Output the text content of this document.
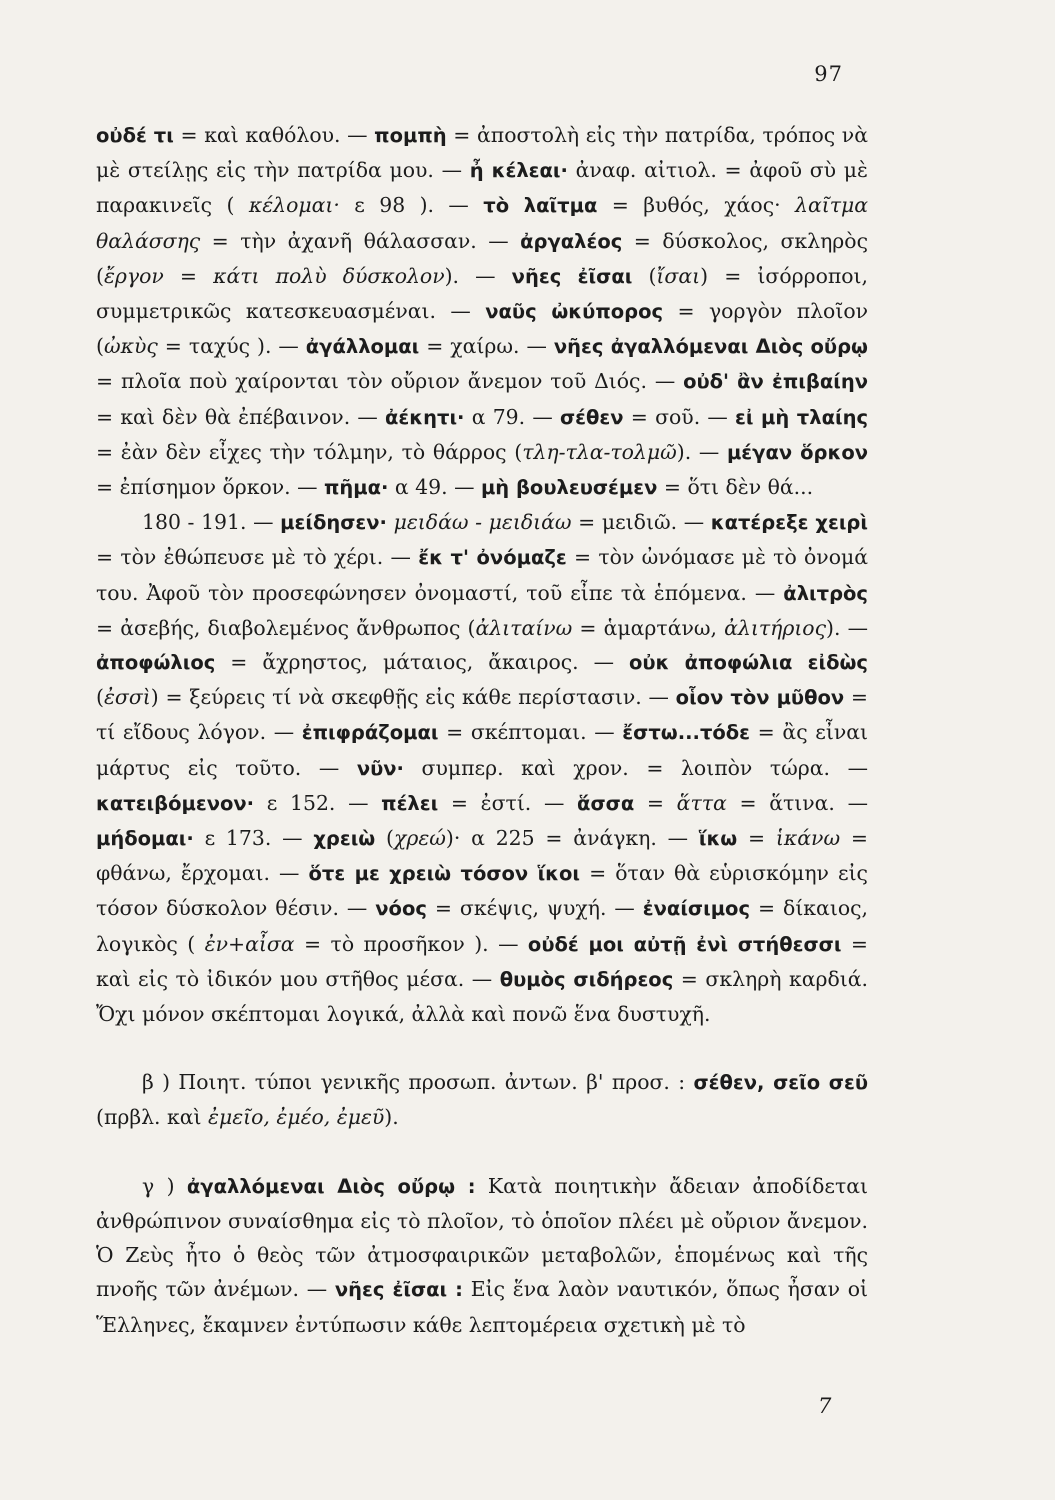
97

οὐδέ τι = καὶ καθόλου. — πομπὴ = ἀποστολὴ εἰς τὴν πατρίδα, τρόπος νὰ μὲ στείλῃς εἰς τὴν πατρίδα μου. — ἦ κέλεαι· ἀναφ. αἰτιολ. = ἀφοῦ σὺ μὲ παρακινεῖς ( κέλομαι· ε 98 ). — τὸ λαῖτμα = βυθός, χάος· λαῖτμα θαλάσσης = τὴν ἀχανῆ θάλασσαν. — ἀργαλέος = δύσκολος, σκληρὸς (ἔργον = κάτι πολὺ δύσκολον). — νῆες ἐῖσαι (ἴσαι) = ἰσόρροποι, συμμετρικῶς κατεσκευασμέναι. — ναῦς ὠκύπορος = γοργὸν πλοῖον (ὠκὺς = ταχύς ). — ἀγάλλομαι = χαίρω. — νῆες ἀγαλλόμεναι Διὸς οὔρῳ = πλοῖα ποὺ χαίρονται τὸν οὔριον ἄνεμον τοῦ Διός. — οὐδ' ἂν ἐπιβαίην = καὶ δὲν θὰ ἐπέβαινον. — ἀέκητι· α 79. — σέθεν = σοῦ. — εἰ μὴ τλαίης = ἐὰν δὲν εἶχες τὴν τόλμην, τὸ θάρρος (τλη-τλα-τολμῶ). — μέγαν ὅρκον = ἐπίσημον ὅρκον. — πῆμα· α 49. — μὴ βουλευσέμεν = ὅτι δὲν θά...

180 - 191. — μείδησεν· μειδάω - μειδιάω = μειδιῶ. — κατέρεξε χειρὶ = τὸν ἐθώπευσε μὲ τὸ χέρι. — ἔκ τ' ὀνόμαζε = τὸν ὠνόμασε μὲ τὸ ὀνομά του. Ἀφοῦ τὸν προσεφώνησεν ὀνομαστί, τοῦ εἶπε τὰ ἑπόμενα. — ἀλιτρὸς = ἀσεβής, διαβολεμένος ἄνθρωπος (ἀλιταίνω = ἁμαρτάνω, ἀλιτήριος). — ἀποφώλιος = ἄχρηστος, μάταιος, ἄκαιρος. — οὐκ ἀποφώλια εἰδὼς (ἐσσὶ) = ξεύρεις τί νὰ σκεφθῇς εἰς κάθε περίστασιν. — οἷον τὸν μῦθον = τί εἴδους λόγον. — ἐπιφράζομαι = σκέπτομαι. — ἔστω...τόδε = ἂς εἶναι μάρτυς εἰς τοῦτο. — νῦν· συμπερ. καὶ χρον. = λοιπὸν τώρα. — κατειβόμενον· ε 152. — πέλει = ἐστί. — ἅσσα = ἅττα = ἅτινα. — μήδομαι· ε 173. — χρειὼ (χρεώ)· α 225 = ἀνάγκη. — ἵκω = ἱκάνω = φθάνω, ἔρχομαι. — ὅτε με χρειὼ τόσον ἵκοι = ὅταν θὰ εὑρισκόμην εἰς τόσον δύσκολον θέσιν. — νόος = σκέψις, ψυχή. — ἐναίσιμος = δίκαιος, λογικὸς ( ἐν+αἶσα = τὸ προσῆκον ). — οὐδέ μοι αὐτῇ ἐνὶ στήθεσσι = καὶ εἰς τὸ ἰδικόν μου στῆθος μέσα. — θυμὸς σιδήρεος = σκληρὴ καρδιά. Ὄχι μόνον σκέπτομαι λογικά, ἀλλὰ καὶ πονῶ ἕνα δυστυχῆ.

β ) Ποιητ. τύποι γενικῆς προσωπ. ἀντων. β' προσ. : σέθεν, σεῖο σεῦ (πρβλ. καὶ ἐμεῖο, ἐμέο, ἐμεῦ).

γ ) ἀγαλλόμεναι Διὸς οὔρῳ : Κατὰ ποιητικὴν ἄδειαν ἀποδίδεται ἀνθρώπινον συναίσθημα εἰς τὸ πλοῖον, τὸ ὁποῖον πλέει μὲ οὔριον ἄνεμον. Ὁ Ζεὺς ἦτο ὁ θεὸς τῶν ἀτμοσφαιρικῶν μεταβολῶν, ἑπομένως καὶ τῆς πνοῆς τῶν ἀνέμων. — νῆες ἐῖσαι : Εἰς ἕνα λαὸν ναυτικόν, ὅπως ἦσαν οἱ Ἕλληνες, ἔκαμνεν ἐντύπωσιν κάθε λεπτομέρεια σχετικὴ μὲ τὸ

7
